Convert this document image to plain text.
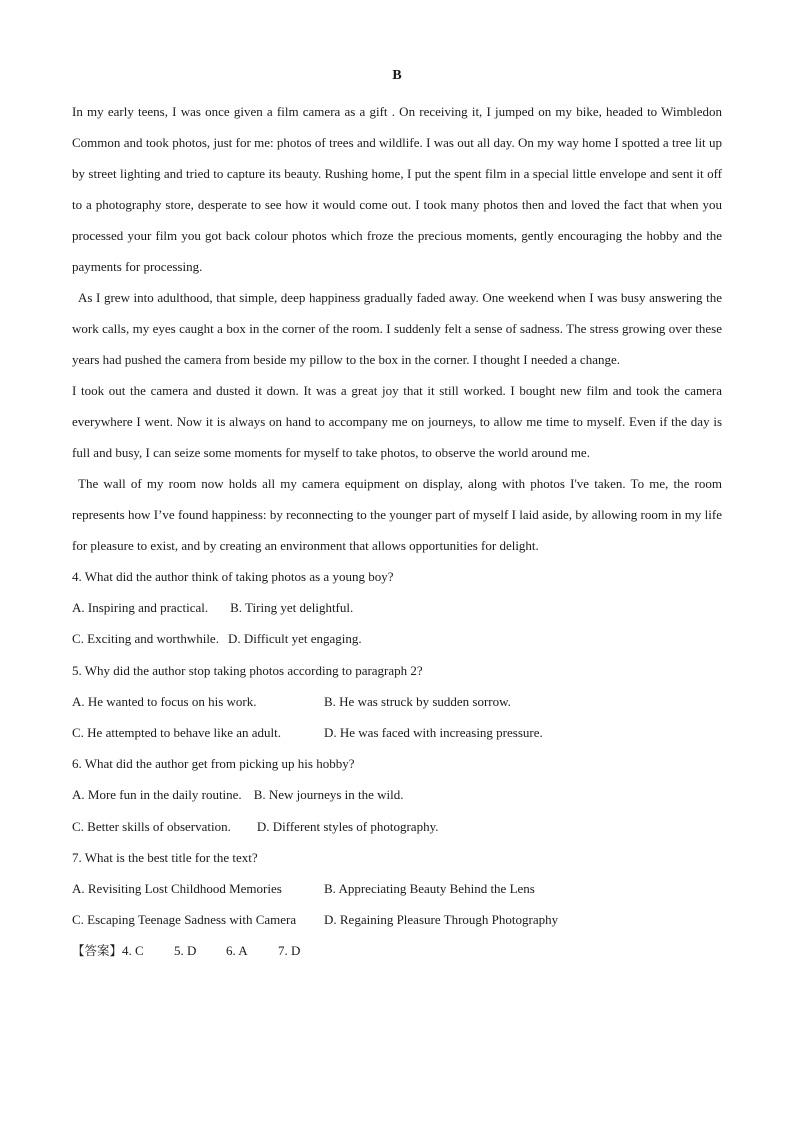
B

In my early teens, I was once given a film camera as a gift . On receiving it, I jumped on my bike, headed to Wimbledon Common and took photos, just for me: photos of trees and wildlife. I was out all day. On my way home I spotted a tree lit up by street lighting and tried to capture its beauty. Rushing home, I put the spent film in a special little envelope and sent it off to a photography store, desperate to see how it would come out. I took many photos then and loved the fact that when you processed your film you got back colour photos which froze the precious moments, gently encouraging the hobby and the payments for processing.

As I grew into adulthood, that simple, deep happiness gradually faded away. One weekend when I was busy answering the work calls, my eyes caught a box in the corner of the room. I suddenly felt a sense of sadness. The stress growing over these years had pushed the camera from beside my pillow to the box in the corner. I thought I needed a change.

I took out the camera and dusted it down. It was a great joy that it still worked. I bought new film and took the camera everywhere I went. Now it is always on hand to accompany me on journeys, to allow me time to myself. Even if the day is full and busy, I can seize some moments for myself to take photos, to observe the world around me.

The wall of my room now holds all my camera equipment on display, along with photos I've taken. To me, the room represents how I’ve found happiness: by reconnecting to the younger part of myself I laid aside, by allowing room in my life for pleasure to exist, and by creating an environment that allows opportunities for delight.

4. What did the author think of taking photos as a young boy?

A. Inspiring and practical. B. Tiring yet delightful.

C. Exciting and worthwhile. D. Difficult yet engaging.

5. Why did the author stop taking photos according to paragraph 2?

A. He wanted to focus on his work.	B. He was struck by sudden sorrow.

C. He attempted to behave like an adult.	D. He was faced with increasing pressure.

6. What did the author get from picking up his hobby?

A. More fun in the daily routine. B. New journeys in the wild.

C. Better skills of observation. D. Different styles of photography.

7. What is the best title for the text?

A. Revisiting Lost Childhood Memories	B. Appreciating Beauty Behind the Lens

C. Escaping Teenage Sadness with Camera D. Regaining Pleasure Through Photography

【答案】4. C 5. D 6. A 7. D
